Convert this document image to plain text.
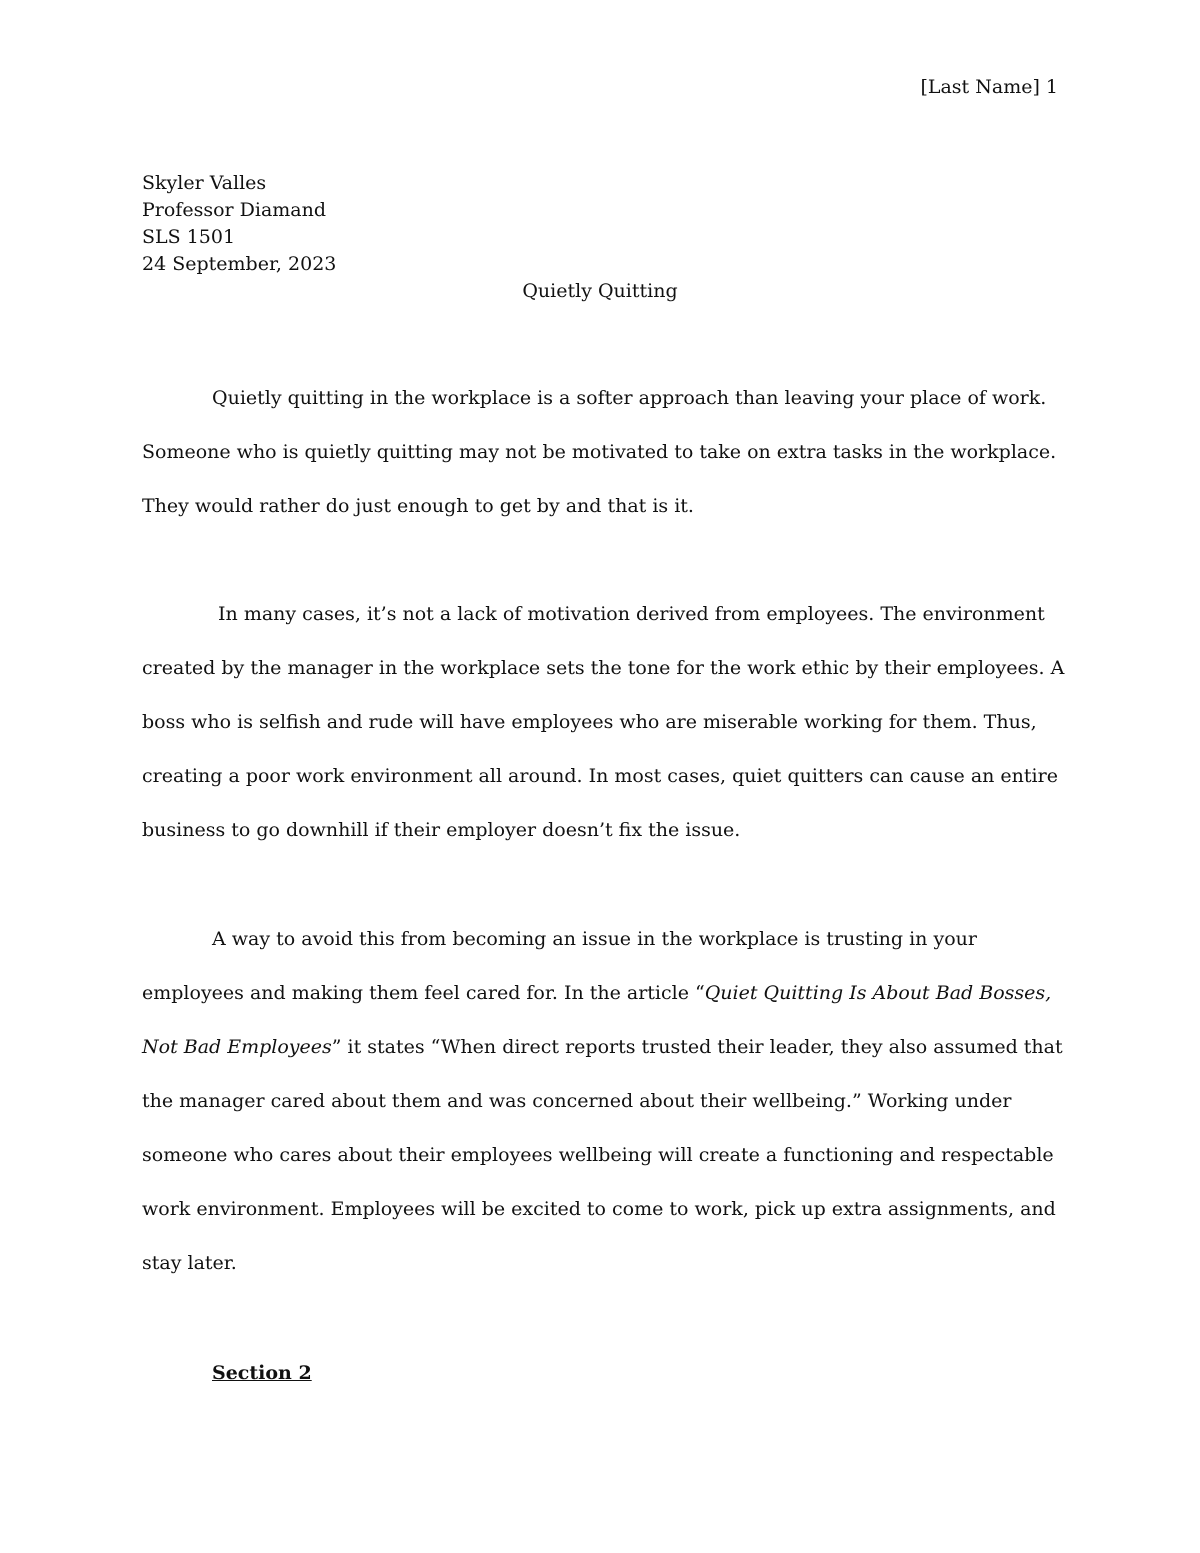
[Last Name] 1
Skyler Valles
Professor Diamand
SLS 1501
24 September, 2023
Quietly Quitting
Quietly quitting in the workplace is a softer approach than leaving your place of work.
Someone who is quietly quitting may not be motivated to take on extra tasks in the workplace.
They would rather do just enough to get by and that is it.
In many cases, it’s not a lack of motivation derived from employees. The environment
created by the manager in the workplace sets the tone for the work ethic by their employees. A
boss who is selfish and rude will have employees who are miserable working for them. Thus,
creating a poor work environment all around. In most cases, quiet quitters can cause an entire
business to go downhill if their employer doesn’t fix the issue.
A way to avoid this from becoming an issue in the workplace is trusting in your
employees and making them feel cared for. In the article “Quiet Quitting Is About Bad Bosses,
Not Bad Employees” it states “When direct reports trusted their leader, they also assumed that
the manager cared about them and was concerned about their wellbeing.” Working under
someone who cares about their employees wellbeing will create a functioning and respectable
work environment. Employees will be excited to come to work, pick up extra assignments, and
stay later.
Section 2
